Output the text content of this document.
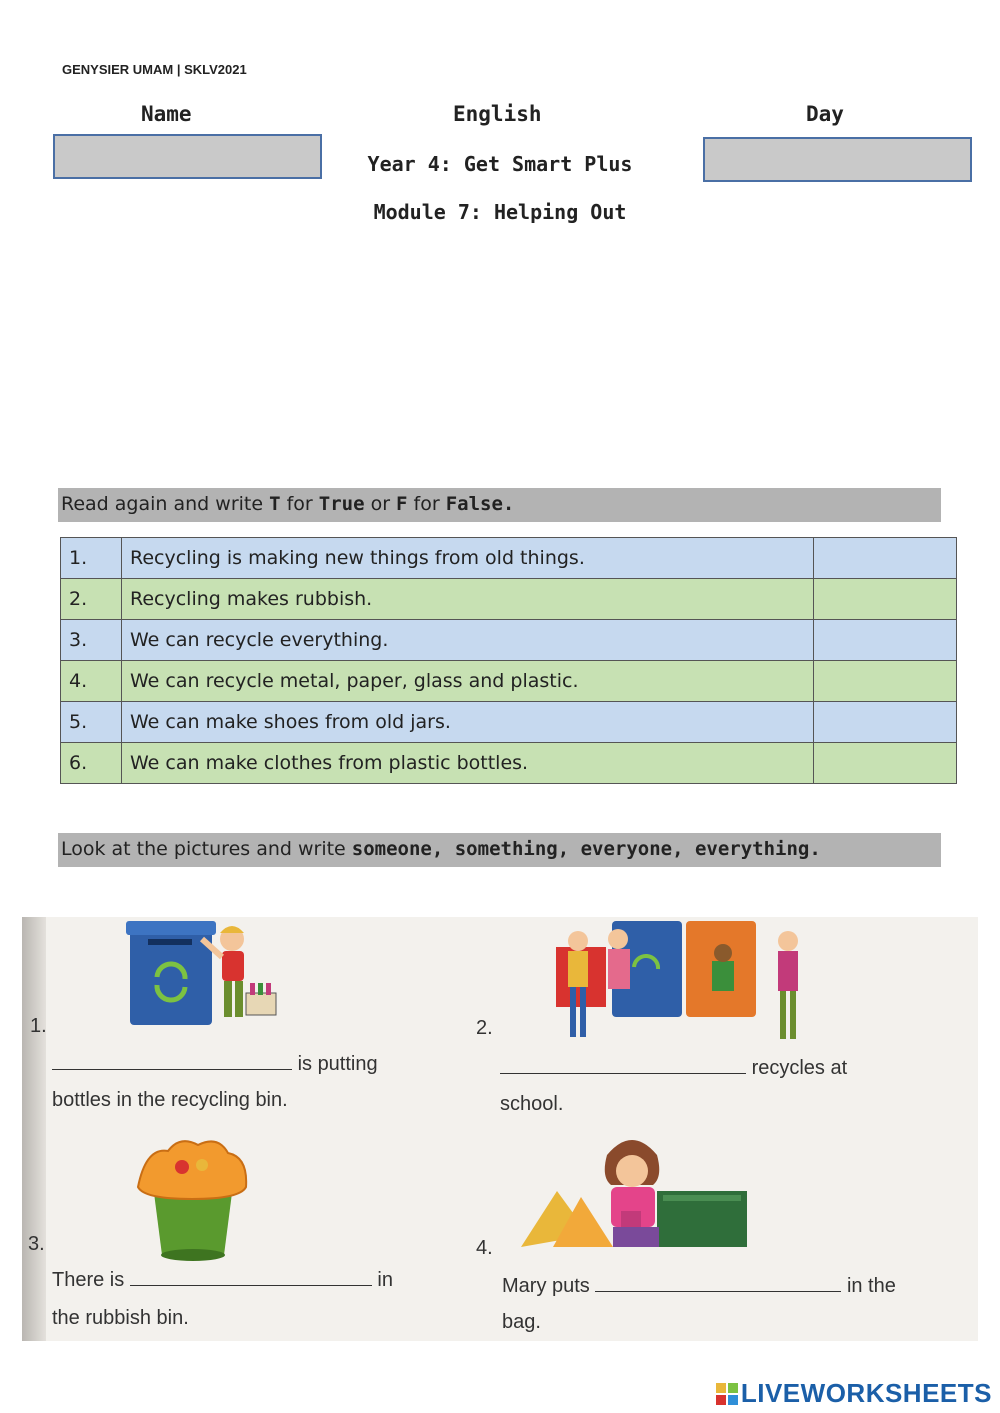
GENYSIER UMAM | SKLV2021
Name	English	Day
Year 4: Get Smart Plus
Module 7: Helping Out
Read again and write T for True or F for False.
1.	Recycling is making new things from old things.	
2.	Recycling makes rubbish.	
3.	We can recycle everything.	
4.	We can recycle metal, paper, glass and plastic.	
5.	We can make shoes from old jars.	
6.	We can make clothes from plastic bottles.	
Look at the pictures and write someone, something, everyone, everything.
1.
is putting
bottles in the recycling bin.
2.
recycles at
school.
3.
There is	in
the rubbish bin.
4.
Mary puts	in the
bag.
LIVEWORKSHEETS
